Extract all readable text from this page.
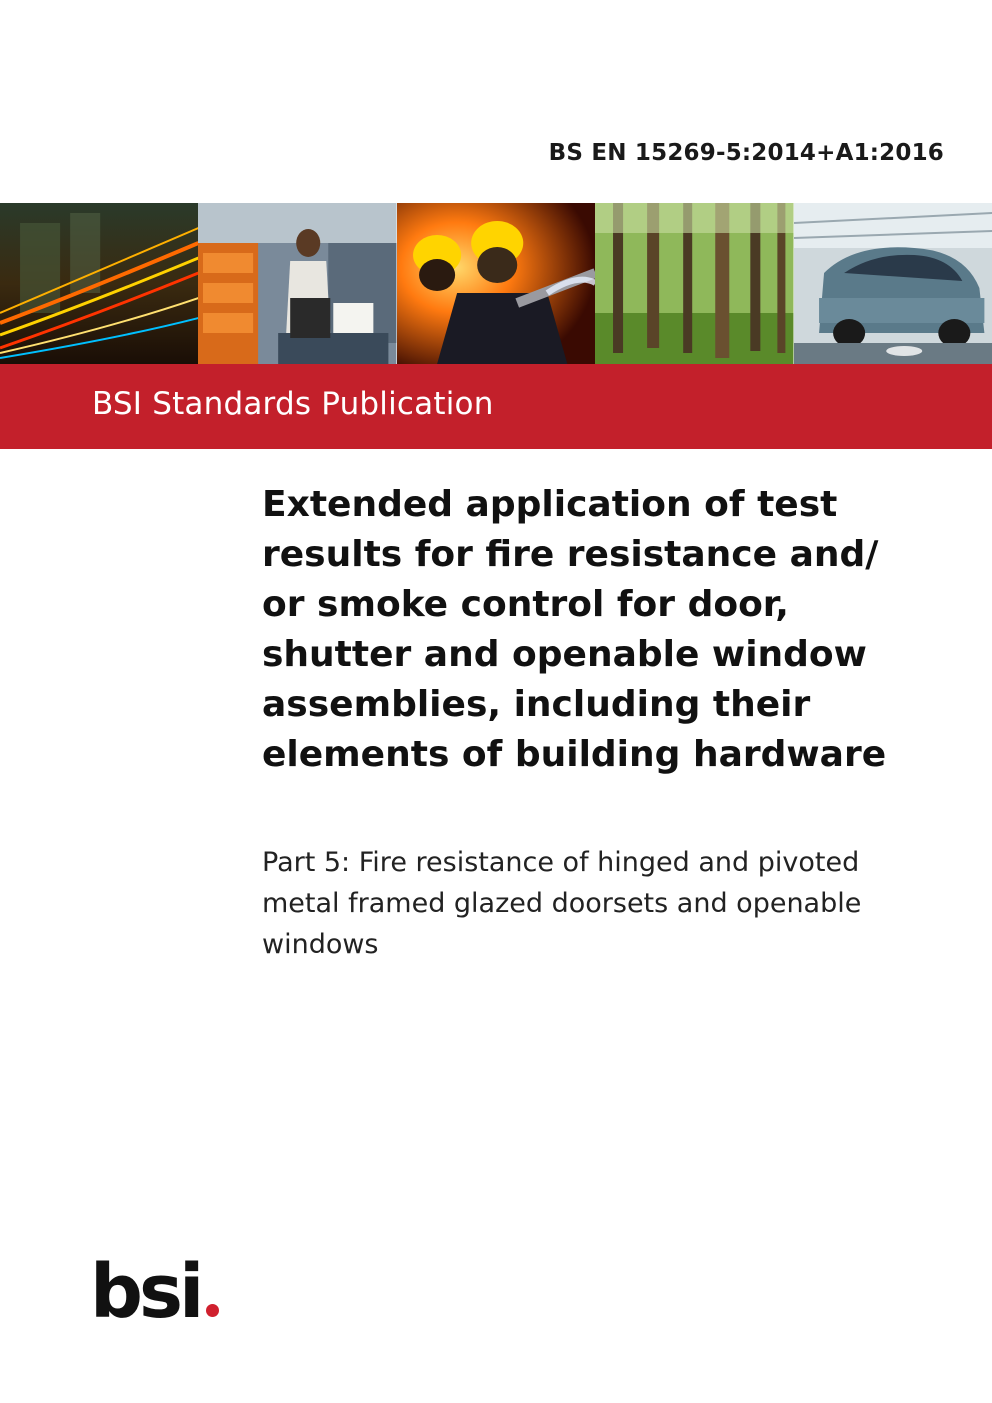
BS EN 15269-5:2014+A1:2016
BSI Standards Publication
Extended application of test
results for fire resistance and/
or smoke control for door,
shutter and openable window
assemblies, including their
elements of building hardware
Part 5: Fire resistance of hinged and pivoted
metal framed glazed doorsets and openable
windows
bsi
